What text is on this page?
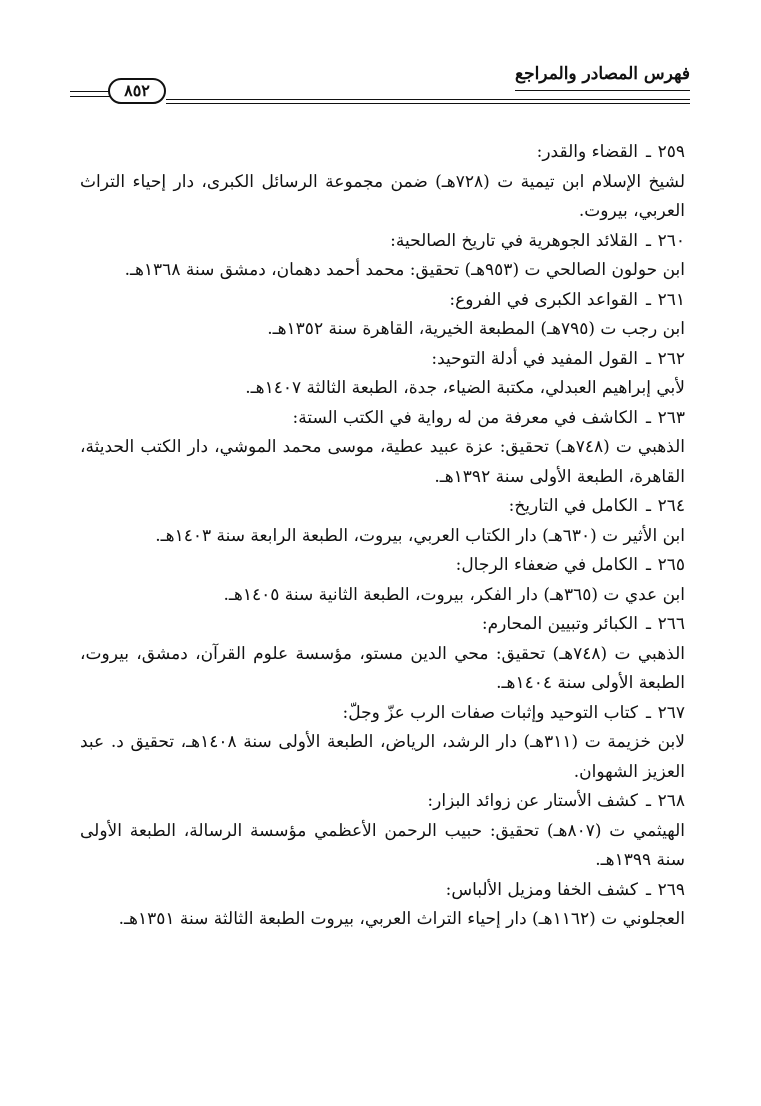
فهرس المصادر والمراجع
٨٥٢
٢٥٩ـالقضاء والقدر:
لشيخ الإسلام ابن تيمية ت (٧٢٨هـ) ضمن مجموعة الرسائل الكبرى، دار إحياء التراث العربي، بيروت.
٢٦٠ـالقلائد الجوهرية في تاريخ الصالحية:
ابن حولون الصالحي ت (٩٥٣هـ) تحقيق: محمد أحمد دهمان، دمشق سنة ١٣٦٨هـ.
٢٦١ـالقواعد الكبرى في الفروع:
ابن رجب ت (٧٩٥هـ) المطبعة الخيرية، القاهرة سنة ١٣٥٢هـ.
٢٦٢ـالقول المفيد في أدلة التوحيد:
لأبي إبراهيم العبدلي، مكتبة الضياء، جدة، الطبعة الثالثة ١٤٠٧هـ.
٢٦٣ـالكاشف في معرفة من له رواية في الكتب الستة:
الذهبي ت (٧٤٨هـ) تحقيق: عزة عبيد عطية، موسى محمد الموشي، دار الكتب الحديثة، القاهرة، الطبعة الأولى سنة ١٣٩٢هـ.
٢٦٤ـالكامل في التاريخ:
ابن الأثير ت (٦٣٠هـ) دار الكتاب العربي، بيروت، الطبعة الرابعة سنة ١٤٠٣هـ.
٢٦٥ـالكامل في ضعفاء الرجال:
ابن عدي ت (٣٦٥هـ) دار الفكر، بيروت، الطبعة الثانية سنة ١٤٠٥هـ.
٢٦٦ـالكبائر وتبيين المحارم:
الذهبي ت (٧٤٨هـ) تحقيق: محي الدين مستو، مؤسسة علوم القرآن، دمشق، بيروت، الطبعة الأولى سنة ١٤٠٤هـ.
٢٦٧ـكتاب التوحيد وإثبات صفات الرب عزّ وجلّ:
لابن خزيمة ت (٣١١هـ) دار الرشد، الرياض، الطبعة الأولى سنة ١٤٠٨هـ، تحقيق د. عبد العزيز الشهوان.
٢٦٨ـكشف الأستار عن زوائد البزار:
الهيثمي ت (٨٠٧هـ) تحقيق: حبيب الرحمن الأعظمي مؤسسة الرسالة، الطبعة الأولى سنة ١٣٩٩هـ.
٢٦٩ـكشف الخفا ومزيل الألباس:
العجلوني ت (١١٦٢هـ) دار إحياء التراث العربي، بيروت الطبعة الثالثة سنة ١٣٥١هـ.
